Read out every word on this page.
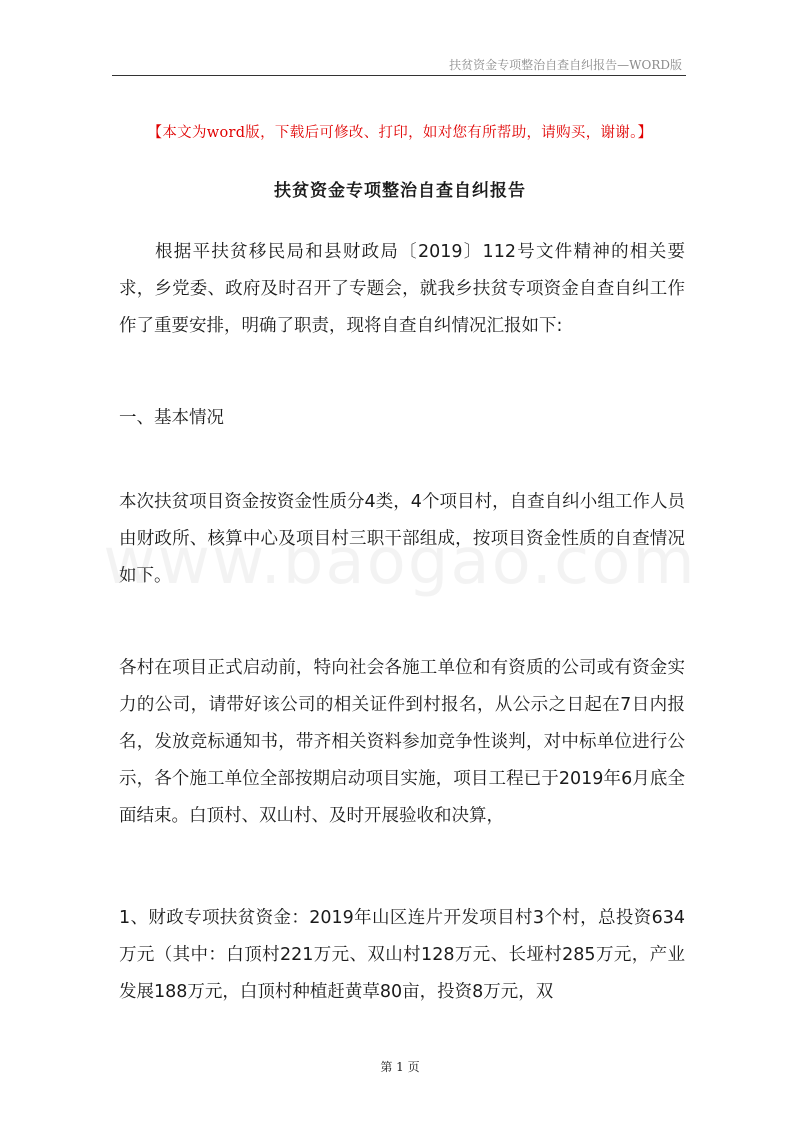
扶贫资金专项整治自查自纠报告—WORD版
【本文为word版，下载后可修改、打印，如对您有所帮助，请购买，谢谢。】
扶贫资金专项整治自查自纠报告

根据平扶贫移民局和县财政局〔2019〕112号文件精神的相关要求，乡党委、政府及时召开了专题会，就我乡扶贫专项资金自查自纠工作作了重要安排，明确了职责，现将自查自纠情况汇报如下:

一、基本情况

本次扶贫项目资金按资金性质分4类，4个项目村，自查自纠小组工作人员由财政所、核算中心及项目村三职干部组成，按项目资金性质的自查情况如下。

各村在项目正式启动前，特向社会各施工单位和有资质的公司或有资金实力的公司，请带好该公司的相关证件到村报名，从公示之日起在7日内报名，发放竞标通知书，带齐相关资料参加竞争性谈判，对中标单位进行公示，各个施工单位全部按期启动项目实施，项目工程已于2019年6月底全面结束。白顶村、双山村、及时开展验收和决算，

1、财政专项扶贫资金：2019年山区连片开发项目村3个村，总投资634万元（其中：白顶村221万元、双山村128万元、长垭村285万元，产业发展188万元，白顶村种植赶黄草80亩，投资8万元，双

第 1 页
